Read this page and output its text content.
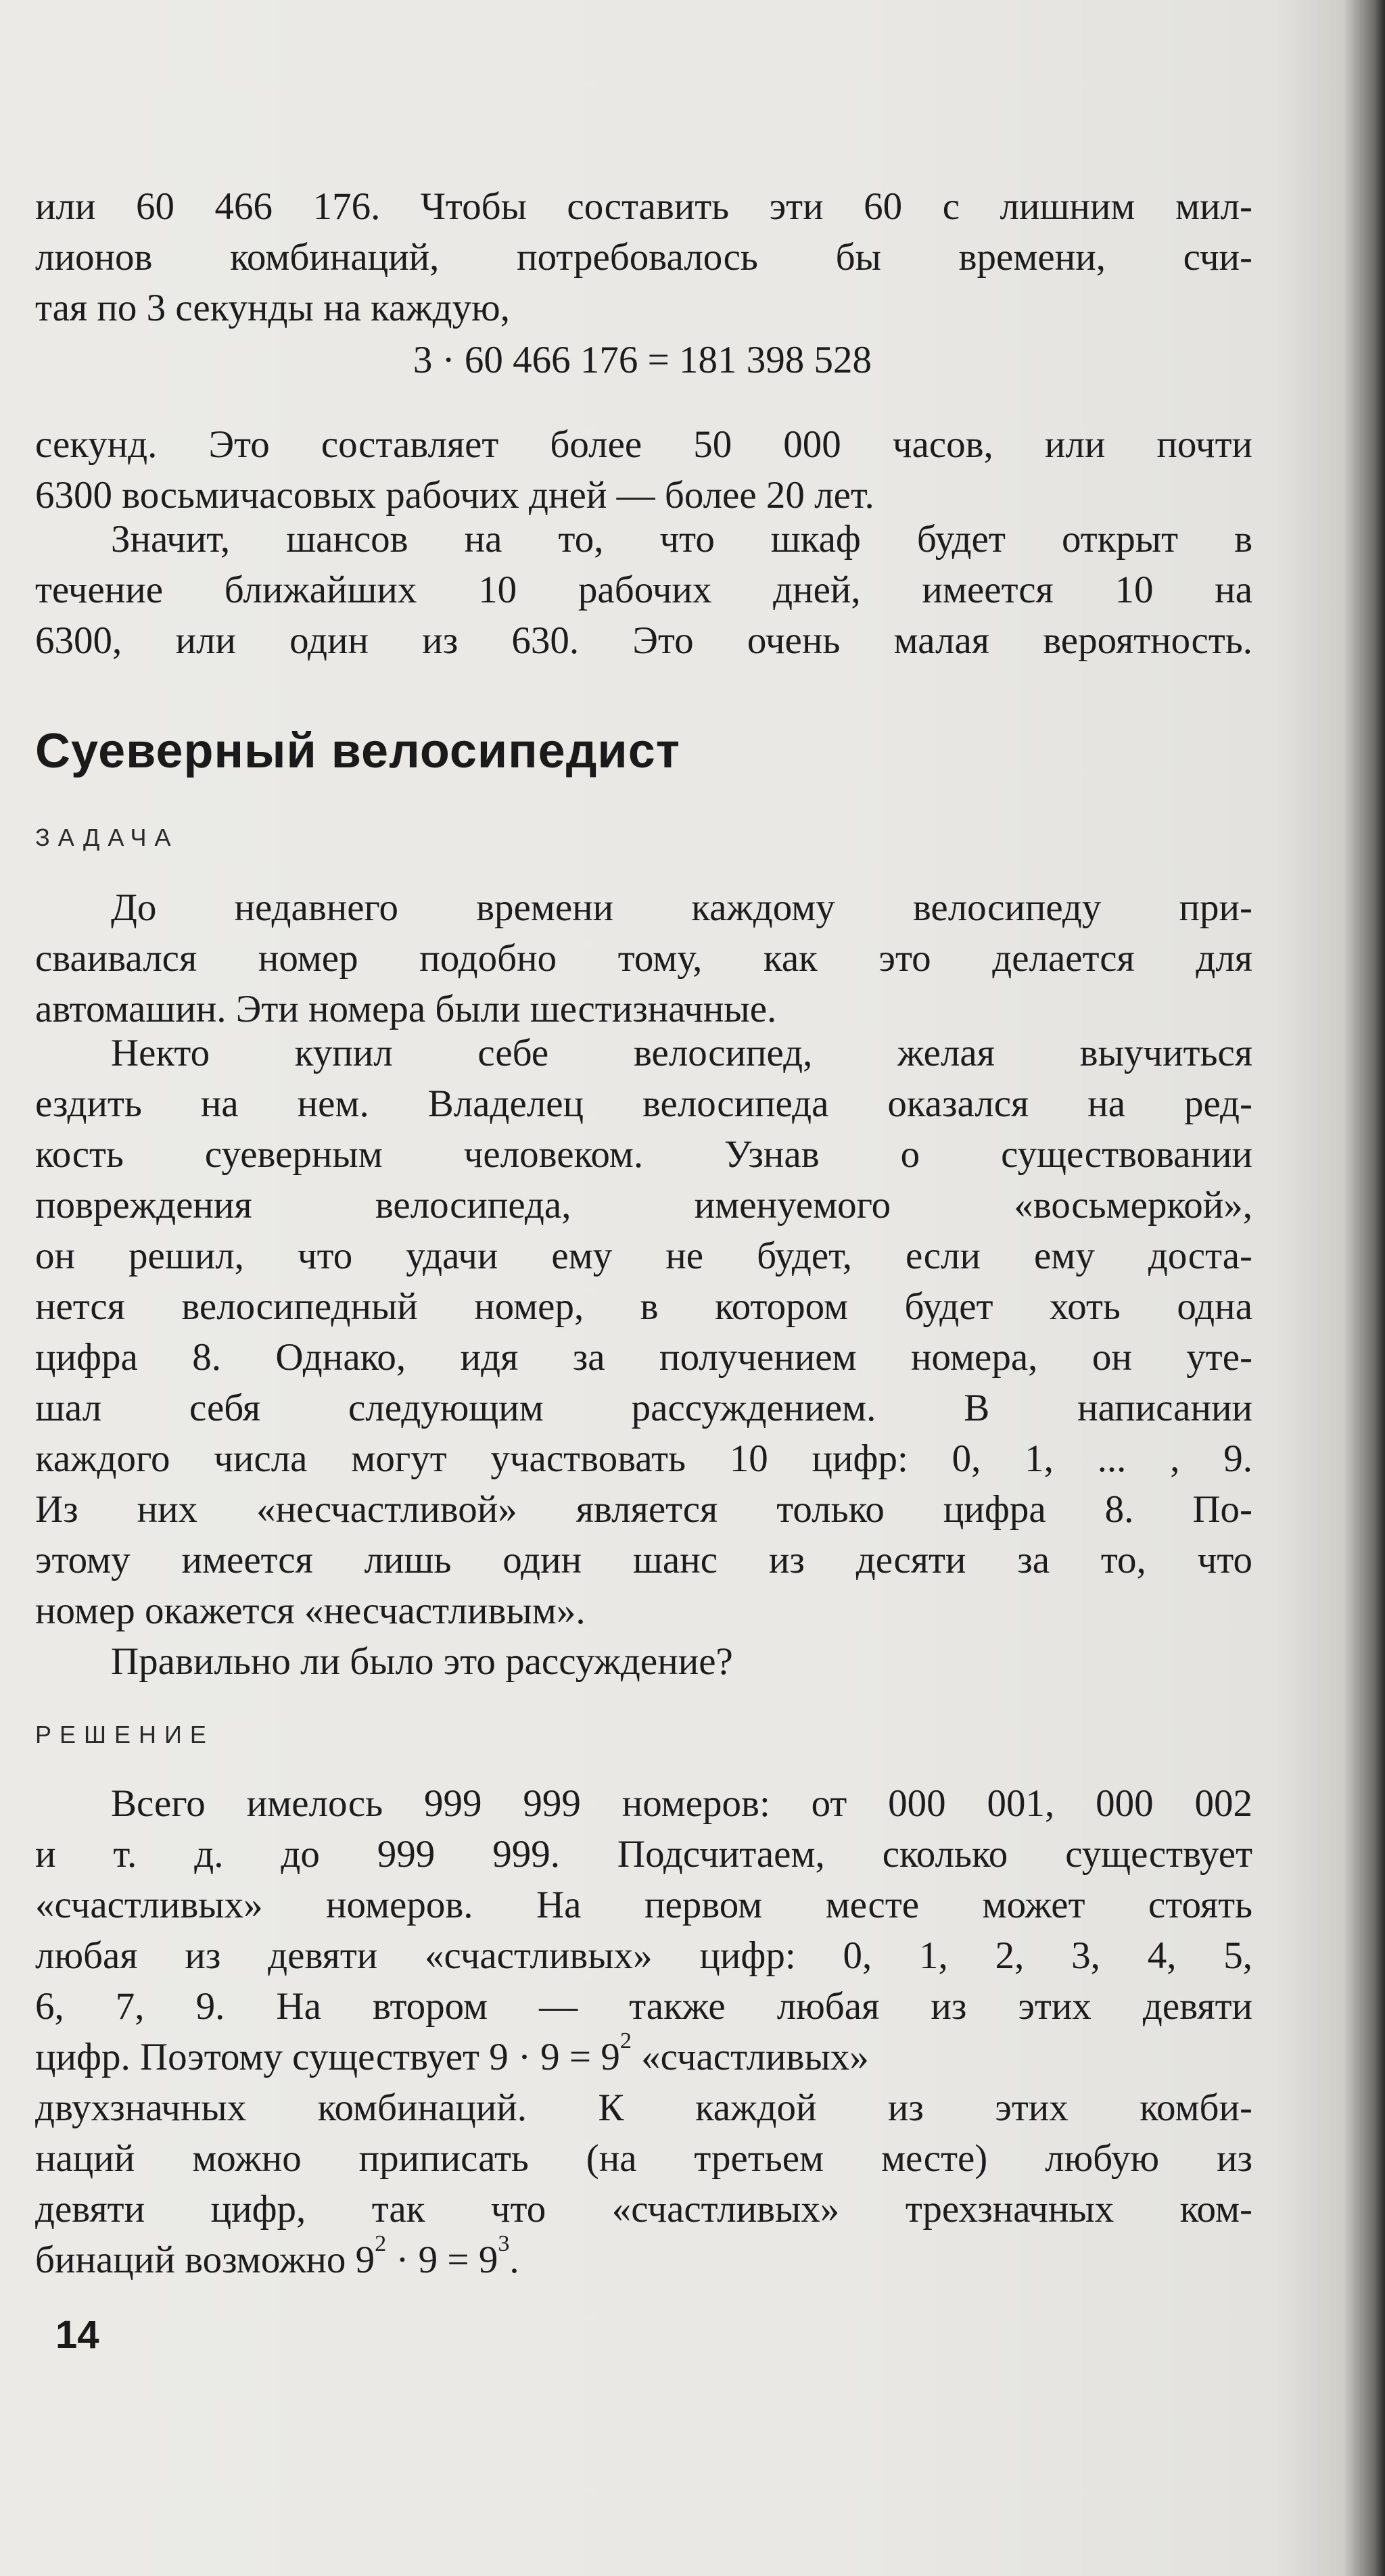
или 60 466 176. Чтобы составить эти 60 с лишним мил-
лионов комбинаций, потребовалось бы времени, счи-
тая по 3 секунды на каждую,
3 · 60 466 176 = 181 398 528
секунд. Это составляет более 50 000 часов, или почти
6300 восьмичасовых рабочих дней — более 20 лет.
Значит, шансов на то, что шкаф будет открыт в
течение ближайших 10 рабочих дней, имеется 10 на
6300, или один из 630. Это очень малая вероятность.
Суеверный велосипедист
ЗАДАЧА
До недавнего времени каждому велосипеду при-
сваивался номер подобно тому, как это делается для
автомашин. Эти номера были шестизначные.
Некто купил себе велосипед, желая выучиться
ездить на нем. Владелец велосипеда оказался на ред-
кость суеверным человеком. Узнав о существовании
повреждения велосипеда, именуемого «восьмеркой»,
он решил, что удачи ему не будет, если ему доста-
нется велосипедный номер, в котором будет хоть одна
цифра 8. Однако, идя за получением номера, он уте-
шал себя следующим рассуждением. В написании
каждого числа могут участвовать 10 цифр: 0, 1, ... , 9.
Из них «несчастливой» является только цифра 8. По-
этому имеется лишь один шанс из десяти за то, что
номер окажется «несчастливым».
Правильно ли было это рассуждение?
РЕШЕНИЕ
Всего имелось 999 999 номеров: от 000 001, 000 002
и т. д. до 999 999. Подсчитаем, сколько существует
«счастливых» номеров. На первом месте может стоять
любая из девяти «счастливых» цифр: 0, 1, 2, 3, 4, 5,
6, 7, 9. На втором — также любая из этих девяти
цифр. Поэтому существует $9 \cdot 9 = 9^2$ «счастливых»
двухзначных комбинаций. К каждой из этих комби-
наций можно приписать (на третьем месте) любую из
девяти цифр, так что «счастливых» трехзначных ком-
бинаций возможно $9^2 \cdot 9 = 9^3$.
14
